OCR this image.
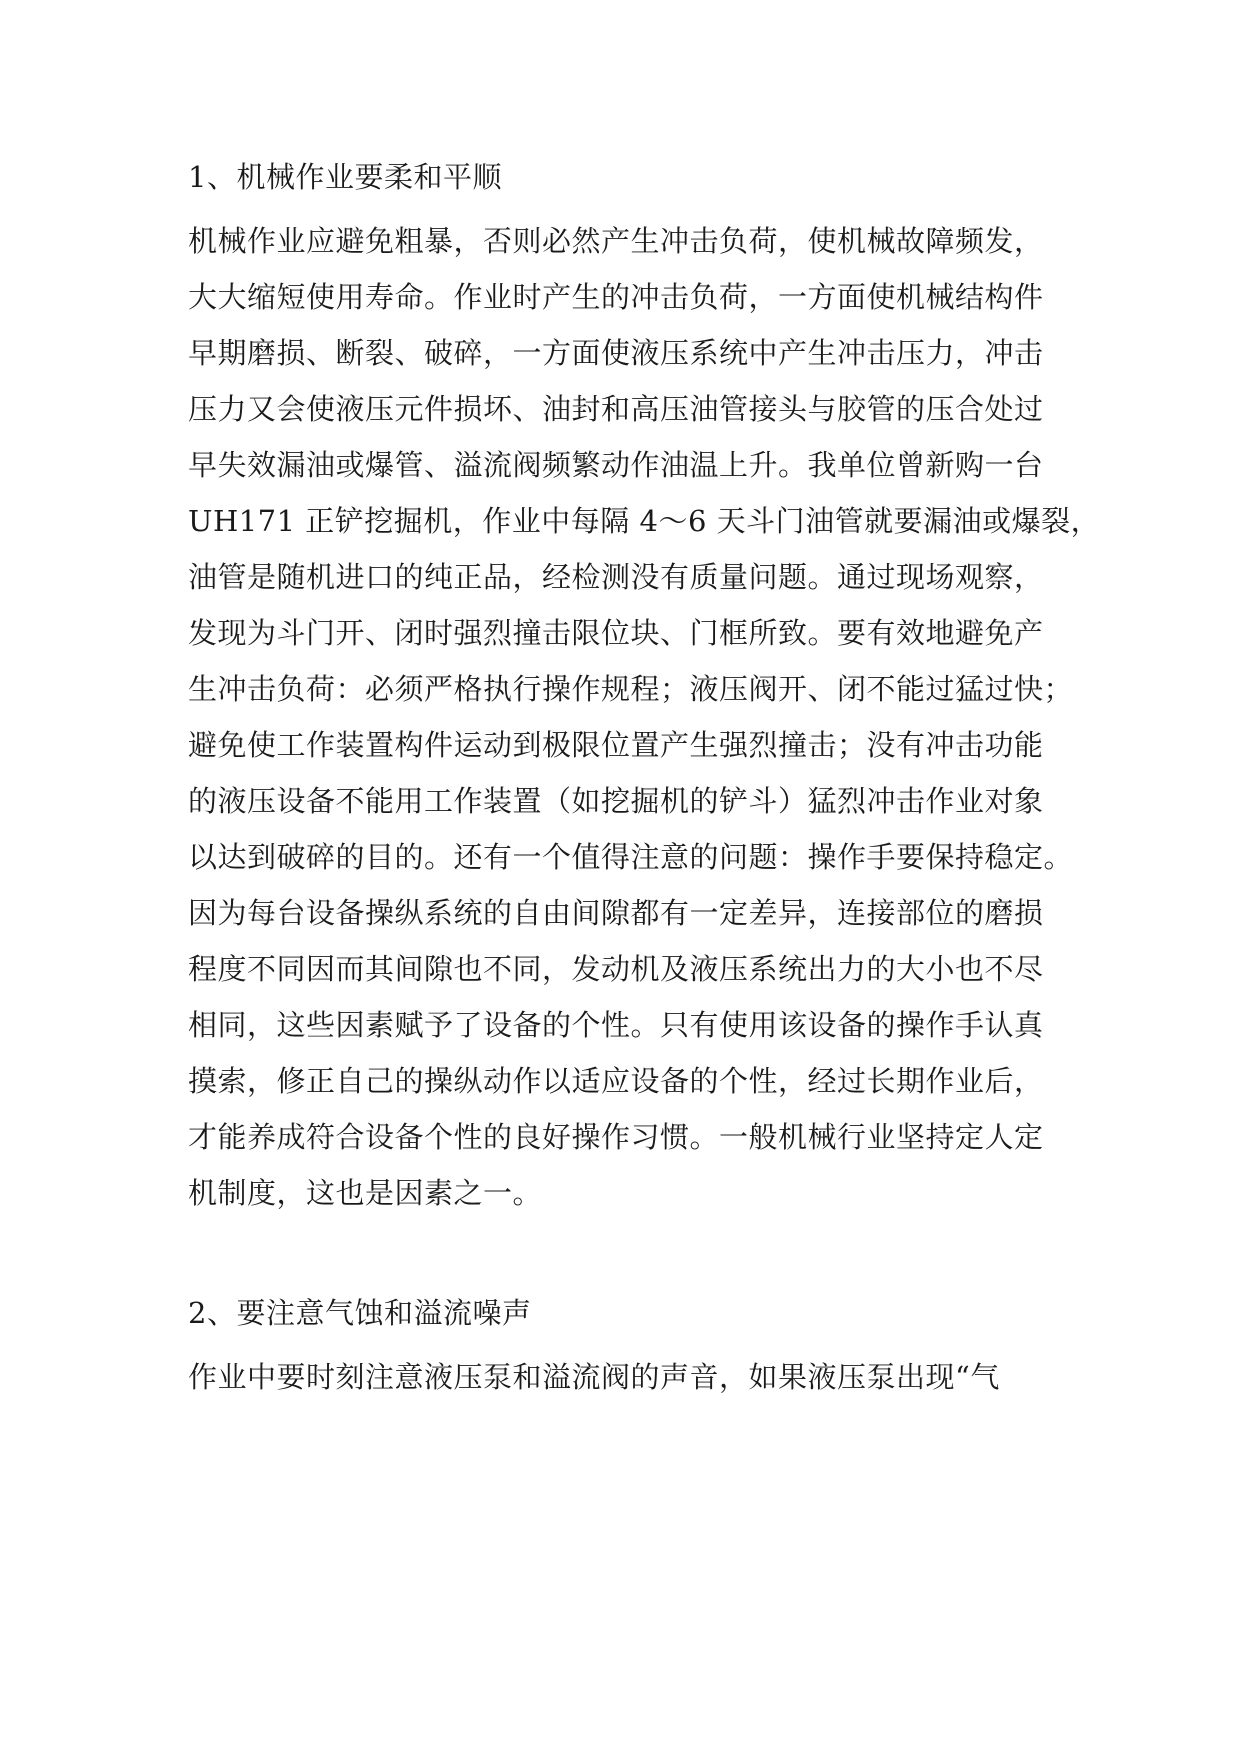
1、机械作业要柔和平顺
机械作业应避免粗暴，否则必然产生冲击负荷，使机械故障频发，
大大缩短使用寿命。作业时产生的冲击负荷，一方面使机械结构件
早期磨损、断裂、破碎，一方面使液压系统中产生冲击压力，冲击
压力又会使液压元件损坏、油封和高压油管接头与胶管的压合处过
早失效漏油或爆管、溢流阀频繁动作油温上升。我单位曾新购一台
UH171 正铲挖掘机，作业中每隔 4～6 天斗门油管就要漏油或爆裂，
油管是随机进口的纯正品，经检测没有质量问题。通过现场观察，
发现为斗门开、闭时强烈撞击限位块、门框所致。要有效地避免产
生冲击负荷：必须严格执行操作规程；液压阀开、闭不能过猛过快；
避免使工作装置构件运动到极限位置产生强烈撞击；没有冲击功能
的液压设备不能用工作装置（如挖掘机的铲斗）猛烈冲击作业对象
以达到破碎的目的。还有一个值得注意的问题：操作手要保持稳定。
因为每台设备操纵系统的自由间隙都有一定差异，连接部位的磨损
程度不同因而其间隙也不同，发动机及液压系统出力的大小也不尽
相同，这些因素赋予了设备的个性。只有使用该设备的操作手认真
摸索，修正自己的操纵动作以适应设备的个性，经过长期作业后，
才能养成符合设备个性的良好操作习惯。一般机械行业坚持定人定
机制度，这也是因素之一。
2、要注意气蚀和溢流噪声
作业中要时刻注意液压泵和溢流阀的声音，如果液压泵出现“气
